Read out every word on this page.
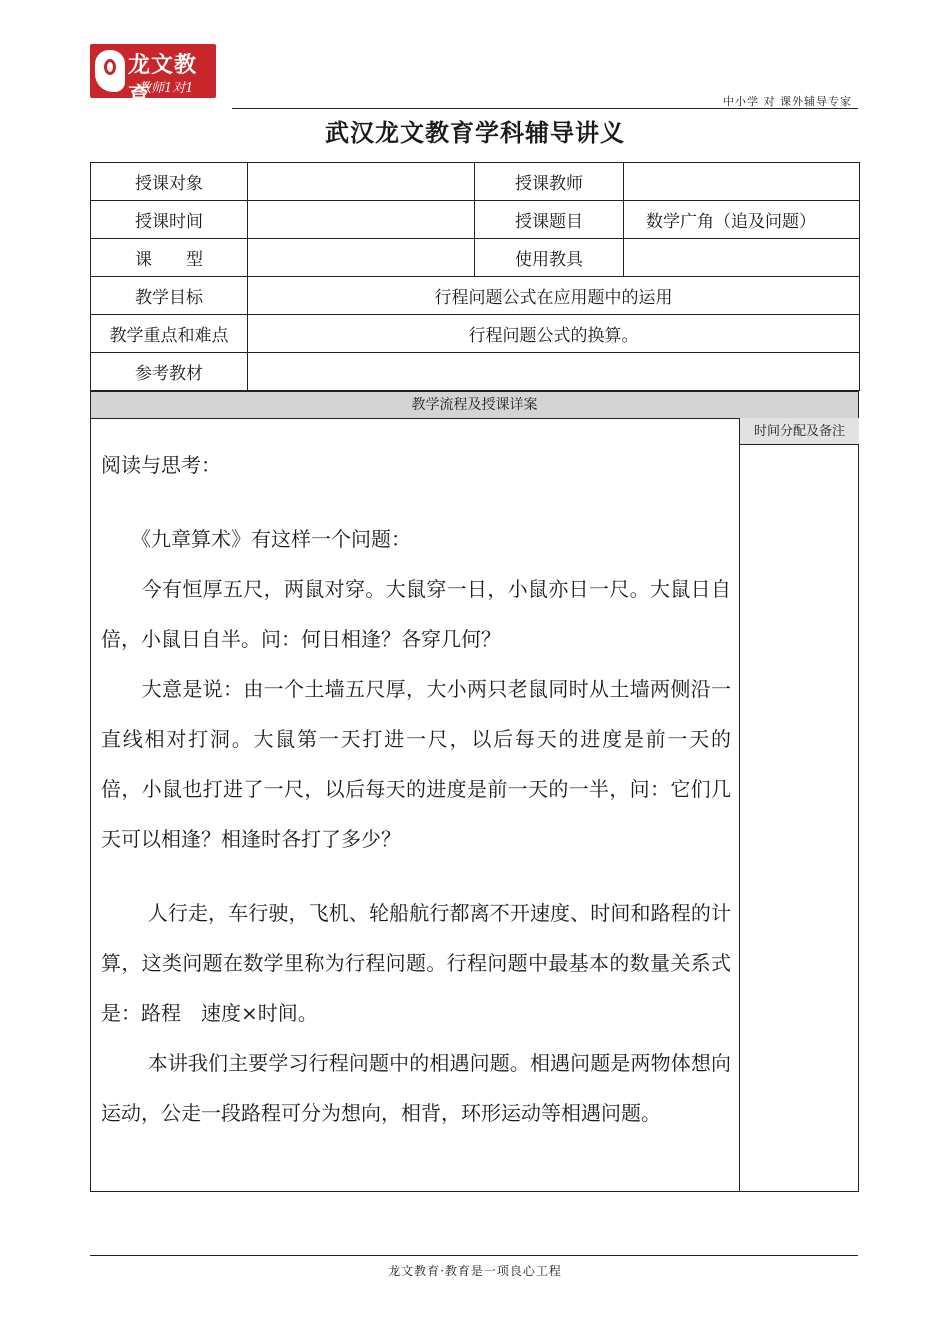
龙文教育
教师1对1
中小学 对 课外辅导专家
武汉龙文教育学科辅导讲义
授课对象		授课教师	
授课时间		授课题目	数学广角（追及问题）
课　　型		使用教具	
教学目标	行程问题公式在应用题中的运用		
教学重点和难点	行程问题公式的换算。		
参考教材			
教学流程及授课详案
时间分配及备注

阅读与思考：

　　《九章算术》有这样一个问题：

　　今有恒厚五尺，两鼠对穿。大鼠穿一日，小鼠亦日一尺。大鼠日自倍，小鼠日自半。问：何日相逢？各穿几何？

　　大意是说：由一个土墙五尺厚，大小两只老鼠同时从土墙两侧沿一直线相对打洞。大鼠第一天打进一尺，以后每天的进度是前一天的　 倍，小鼠也打进了一尺，以后每天的进度是前一天的一半，问：它们几天可以相逢？相逢时各打了多少？

　　 人行走，车行驶，飞机、轮船航行都离不开速度、时间和路程的计算，这类问题在数学里称为行程问题。行程问题中最基本的数量关系式是：路程　速度×时间。

　　 本讲我们主要学习行程问题中的相遇问题。相遇问题是两物体想向运动，公走一段路程可分为想向，相背，环形运动等相遇问题。

龙文教育·教育是一项良心工程
